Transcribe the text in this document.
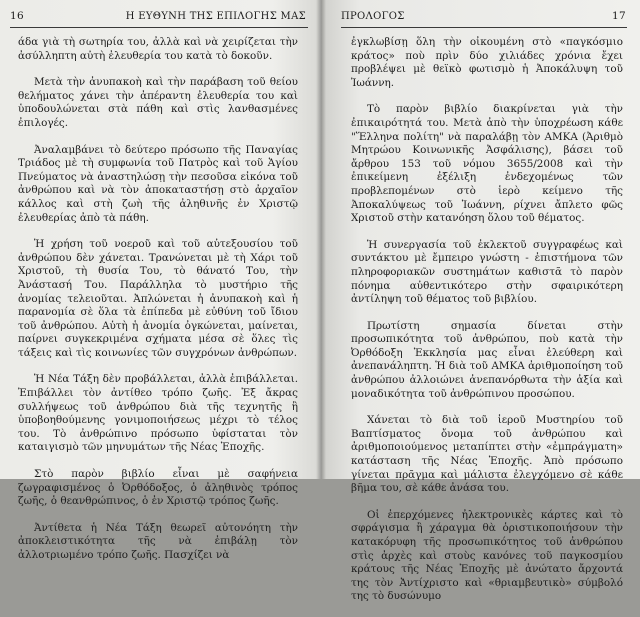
16	Η ΕΥΘΥΝΗ ΤΗΣ ΕΠΙΛΟΓΗΣ ΜΑΣ

άδα γιὰ τὴ σωτηρία του, ἀλλὰ καὶ νὰ χειρίζεται τὴν ἀσύλληπτη αὐτὴ ἐλευθερία του κατὰ τὸ δοκοῦν.

Μετὰ τὴν ἀνυπακοὴ καὶ τὴν παράβαση τοῦ θείου θελήματος χάνει τὴν ἀπέραντη ἐλευθερία του καὶ ὑποδουλώνεται στὰ πάθη καὶ στὶς λανθασμένες ἐπιλογές.

Ἀναλαμβάνει τὸ δεύτερο πρόσωπο τῆς Παναγίας Τριάδος μὲ τὴ συμφωνία τοῦ Πατρὸς καὶ τοῦ Ἁγίου Πνεύματος νὰ ἀναστηλώσῃ τὴν πεσοῦσα εἰκόνα τοῦ ἀνθρώπου καὶ νὰ τὸν ἀποκαταστήσῃ στὸ ἀρχαῖον κάλλος καὶ στὴ ζωὴ τῆς ἀληθινῆς ἐν Χριστῷ ἐλευθερίας ἀπὸ τὰ πάθη.

Ἡ χρήση τοῦ νοεροῦ καὶ τοῦ αὐτεξουσίου τοῦ ἀνθρώπου δὲν χάνεται. Τρανώνεται μὲ τὴ Χάρι τοῦ Χριστοῦ, τὴ θυσία Του, τὸ θάνατό Του, τὴν Ἀνάστασή Του. Παράλληλα τὸ μυστήριο τῆς ἀνομίας τελειοῦται. Ἀπλώνεται ἡ ἀνυπακοὴ καὶ ἡ παρανομία σὲ ὅλα τὰ ἐπίπεδα μὲ εὐθύνη τοῦ ἴδιου τοῦ ἀνθρώπου. Αὐτὴ ἡ ἀνομία ὀγκώνεται, μαίνεται, παίρνει συγκεκριμένα σχήματα μέσα σὲ ὅλες τὶς τάξεις καὶ τὶς κοινωνίες τῶν συγχρόνων ἀνθρώπων.

Ἡ Νέα Τάξη δὲν προβάλλεται, ἀλλὰ ἐπιβάλλεται. Ἐπιβάλλει τὸν ἀντίθεο τρόπο ζωῆς. Ἐξ ἄκρας συλλήψεως τοῦ ἀνθρώπου διὰ τῆς τεχνητῆς ἢ ὑποβοηθούμενης γονιμοποιήσεως μέχρι τὸ τέλος του. Τὸ ἀνθρώπινο πρόσωπο ὑφίσταται τὸν καταιγισμὸ τῶν μηνυμάτων τῆς Νέας Ἐποχῆς.

Στὸ παρὸν βιβλίο εἶναι μὲ σαφήνεια ζωγραφισμένος ὁ Ὀρθόδοξος, ὁ ἀληθινὸς τρόπος ζωῆς, ὁ θεανθρώπινος, ὁ ἐν Χριστῷ τρόπος ζωῆς.

Ἀντίθετα ἡ Νέα Τάξη θεωρεῖ αὐτονόητη τὴν ἀποκλειστικότητα τῆς νὰ ἐπιβάλῃ τὸν ἀλλοτριωμένο τρόπο ζωῆς. Πασχίζει νὰ

ΠΡΟΛΟΓΟΣ	17

ἐγκλωβίσῃ ὅλη τὴν οἰκουμένη στὸ «παγκόσμιο κράτος» ποὺ πρὶν δύο χιλιάδες χρόνια ἔχει προβλέψει μὲ θεϊκὸ φωτισμὸ ἡ Ἀποκάλυψη τοῦ Ἰωάννη.

Τὸ παρὸν βιβλίο διακρίνεται γιὰ τὴν ἐπικαιρότητά του. Μετὰ ἀπὸ τὴν ὑποχρέωση κάθε "Ἕλληνα πολίτη" νὰ παραλάβῃ τὸν ΑΜΚΑ (Ἀριθμὸ Μητρώου Κοινωνικῆς Ἀσφάλισης), βάσει τοῦ ἄρθρου 153 τοῦ νόμου 3655/2008 καὶ τὴν ἐπικείμενη ἐξέλιξη ἐνδεχομένως τῶν προβλεπομένων στὸ ἱερὸ κείμενο τῆς Ἀποκαλύψεως τοῦ Ἰωάννη, ρίχνει ἄπλετο φῶς Χριστοῦ στὴν κατανόηση ὅλου τοῦ θέματος.

Ἡ συνεργασία τοῦ ἐκλεκτοῦ συγγραφέως καὶ συντάκτου μὲ ἔμπειρο γνώστη - ἐπιστήμονα τῶν πληροφοριακῶν συστημάτων καθιστᾶ τὸ παρὸν πόνημα αὐθεντικότερο στὴν σφαιρικότερη ἀντίληψη τοῦ θέματος τοῦ βιβλίου.

Πρωτίστη σημασία δίνεται στὴν προσωπικότητα τοῦ ἀνθρώπου, ποὺ κατὰ τὴν Ὀρθόδοξη Ἐκκλησία μας εἶναι ἐλεύθερη καὶ ἀνεπανάληπτη. Ἡ διὰ τοῦ ΑΜΚΑ ἀριθμοποίηση τοῦ ἀνθρώπου ἀλλοιώνει ἀνεπανόρθωτα τὴν ἀξία καὶ μοναδικότητα τοῦ ἀνθρώπινου προσώπου.

Χάνεται τὸ διὰ τοῦ ἱεροῦ Μυστηρίου τοῦ Βαπτίσματος ὄνομα τοῦ ἀνθρώπου καὶ ἀριθμοποιούμενος μεταπίπτει στὴν «ἐμπράγματη» κατάσταση τῆς Νέας Ἐποχῆς. Ἀπὸ πρόσωπο γίνεται πρᾶγμα καὶ μάλιστα ἐλεγχόμενο σὲ κάθε βῆμα του, σὲ κάθε ἀνάσα του.

Οἱ ἐπερχόμενες ἠλεκτρονικὲς κάρτες καὶ τὸ σφράγισμα ἢ χάραγμα θὰ ὁριστικοποιήσουν τὴν κατακόρυφη τῆς προσωπικότητος τοῦ ἀνθρώπου στὶς ἀρχὲς καὶ στοὺς κανόνες τοῦ παγκοσμίου κράτους τῆς Νέας Ἐποχῆς μὲ ἀνώτατο ἄρχοντά της τὸν Ἀντίχριστο καὶ «θριαμβευτικὸ» σύμβολό της τὸ δυσώνυμο
